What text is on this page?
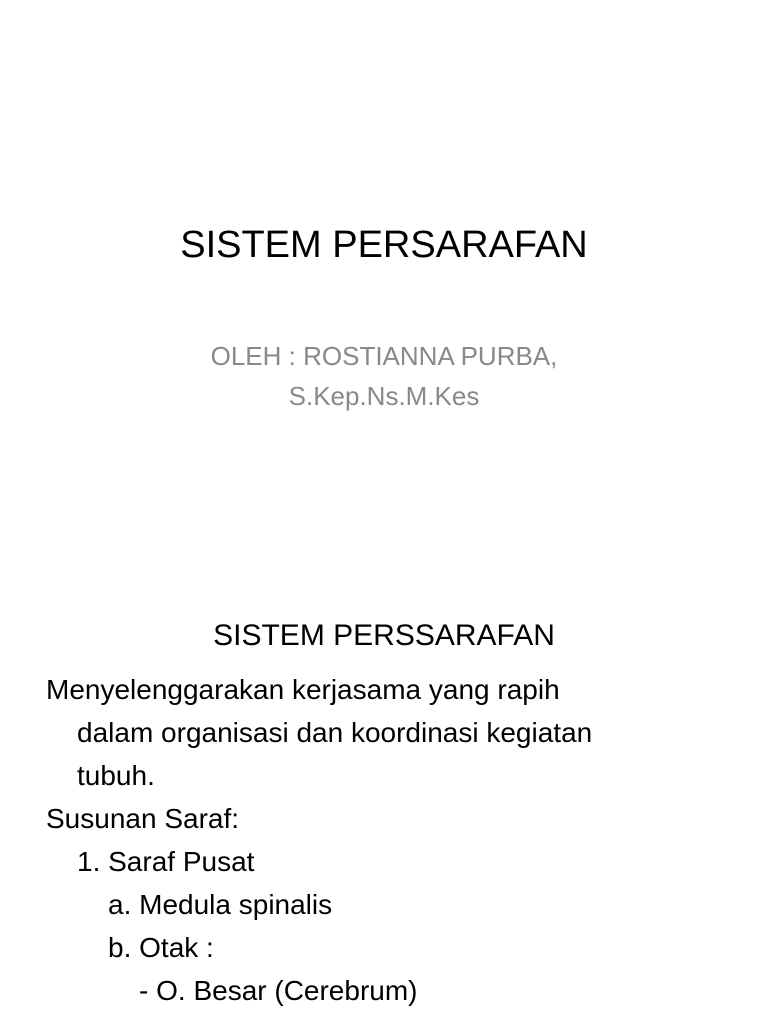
SISTEM PERSARAFAN
OLEH : ROSTIANNA PURBA,
S.Kep.Ns.M.Kes
SISTEM PERSSARAFAN
Menyelenggarakan kerjasama yang rapih
dalam organisasi dan koordinasi kegiatan
tubuh.
Susunan Saraf:
1. Saraf Pusat
a. Medula spinalis
b. Otak :
- O. Besar (Cerebrum)
